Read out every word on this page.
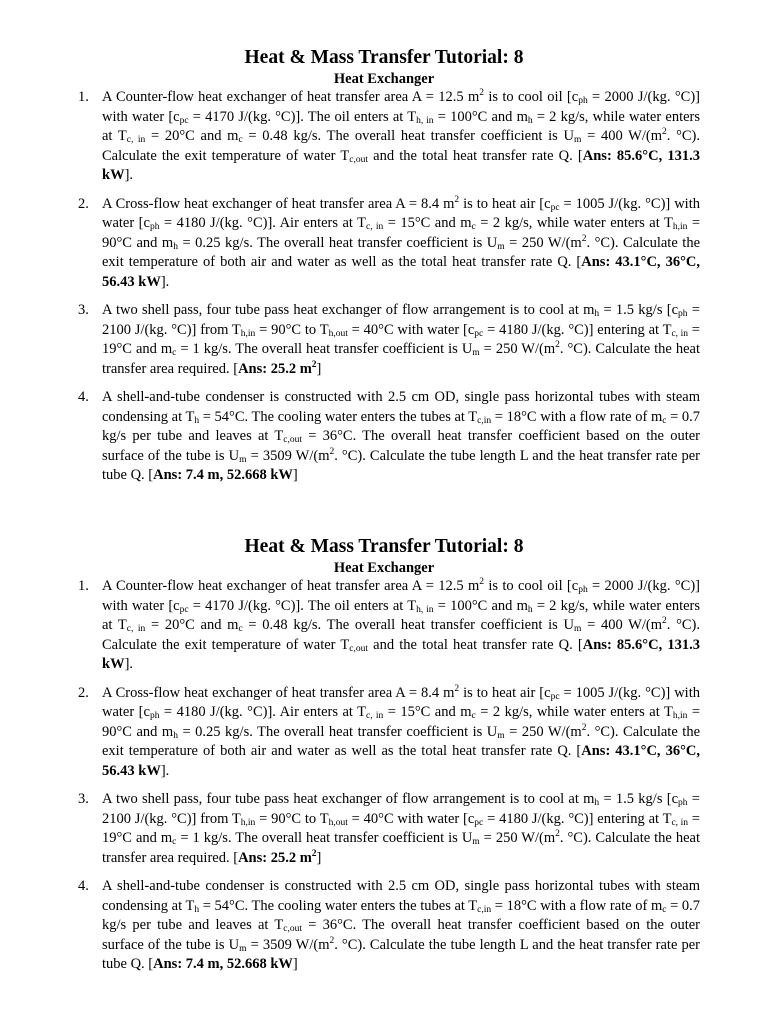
Heat & Mass Transfer Tutorial: 8
Heat Exchanger
1. A Counter-flow heat exchanger of heat transfer area A = 12.5 $m^2$ is to cool oil [$c_{ph} = 2000$ J/(kg. °C)] with water [$c_{pc} = 4170$ J/(kg. °C)]. The oil enters at $T_{h, in} = 100^\circ C$ and $m_h = 2$ kg/s, while water enters at $T_{c, in} = 20^\circ C$ and $m_c = 0.48$ kg/s. The overall heat transfer coefficient is $U_m = 400$ $W/(m^2$. °C). Calculate the exit temperature of water $T_{c,out}$ and the total heat transfer rate Q. [Ans: 85.6°C, 131.3 kW].
2. A Cross-flow heat exchanger of heat transfer area A = 8.4 $m^2$ is to heat air [$c_{pc} = 1005$ J/(kg. °C)] with water [$c_{ph} = 4180$ J/(kg. °C)]. Air enters at $T_{c, in} = 15^\circ C$ and $m_c = 2$ kg/s, while water enters at $T_{h,in} = 90^\circ C$ and $m_h = 0.25$ kg/s. The overall heat transfer coefficient is $U_m = 250$ $W/(m^2$. °C). Calculate the exit temperature of both air and water as well as the total heat transfer rate Q. [Ans: 43.1°C, 36°C, 56.43 kW].
3. A two shell pass, four tube pass heat exchanger of flow arrangement is to cool at $m_h = 1.5$ kg/s [$c_{ph} = 2100$ J/(kg. °C)] from $T_{h,in} = 90^\circ C$ to $T_{h,out} = 40^\circ C$ with water [$c_{pc} = 4180$ J/(kg. °C)] entering at $T_{c, in} = 19^\circ C$ and $m_c = 1$ kg/s. The overall heat transfer coefficient is $U_m = 250$ $W/(m^2$. °C). Calculate the heat transfer area required. [Ans: 25.2 $m^2$]
4. A shell-and-tube condenser is constructed with 2.5 cm OD, single pass horizontal tubes with steam condensing at $T_h = 54^\circ C$. The cooling water enters the tubes at $T_{c,in} = 18^\circ C$ with a flow rate of $m_c = 0.7$ kg/s per tube and leaves at $T_{c,out} = 36^\circ C$. The overall heat transfer coefficient based on the outer surface of the tube is $U_m = 3509$ $W/(m^2$. °C). Calculate the tube length L and the heat transfer rate per tube Q. [Ans: 7.4 m, 52.668 kW]
Heat & Mass Transfer Tutorial: 8
Heat Exchanger
1. A Counter-flow heat exchanger of heat transfer area A = 12.5 $m^2$ is to cool oil [$c_{ph} = 2000$ J/(kg. °C)] with water [$c_{pc} = 4170$ J/(kg. °C)]. The oil enters at $T_{h, in} = 100^\circ C$ and $m_h = 2$ kg/s, while water enters at $T_{c, in} = 20^\circ C$ and $m_c = 0.48$ kg/s. The overall heat transfer coefficient is $U_m = 400$ $W/(m^2$. °C). Calculate the exit temperature of water $T_{c,out}$ and the total heat transfer rate Q. [Ans: 85.6°C, 131.3 kW].
2. A Cross-flow heat exchanger of heat transfer area A = 8.4 $m^2$ is to heat air [$c_{pc} = 1005$ J/(kg. °C)] with water [$c_{ph} = 4180$ J/(kg. °C)]. Air enters at $T_{c, in} = 15^\circ C$ and $m_c = 2$ kg/s, while water enters at $T_{h,in} = 90^\circ C$ and $m_h = 0.25$ kg/s. The overall heat transfer coefficient is $U_m = 250$ $W/(m^2$. °C). Calculate the exit temperature of both air and water as well as the total heat transfer rate Q. [Ans: 43.1°C, 36°C, 56.43 kW].
3. A two shell pass, four tube pass heat exchanger of flow arrangement is to cool at $m_h = 1.5$ kg/s [$c_{ph} = 2100$ J/(kg. °C)] from $T_{h,in} = 90^\circ C$ to $T_{h,out} = 40^\circ C$ with water [$c_{pc} = 4180$ J/(kg. °C)] entering at $T_{c, in} = 19^\circ C$ and $m_c = 1$ kg/s. The overall heat transfer coefficient is $U_m = 250$ $W/(m^2$. °C). Calculate the heat transfer area required. [Ans: 25.2 $m^2$]
4. A shell-and-tube condenser is constructed with 2.5 cm OD, single pass horizontal tubes with steam condensing at $T_h = 54^\circ C$. The cooling water enters the tubes at $T_{c,in} = 18^\circ C$ with a flow rate of $m_c = 0.7$ kg/s per tube and leaves at $T_{c,out} = 36^\circ C$. The overall heat transfer coefficient based on the outer surface of the tube is $U_m = 3509$ $W/(m^2$. °C). Calculate the tube length L and the heat transfer rate per tube Q. [Ans: 7.4 m, 52.668 kW]
